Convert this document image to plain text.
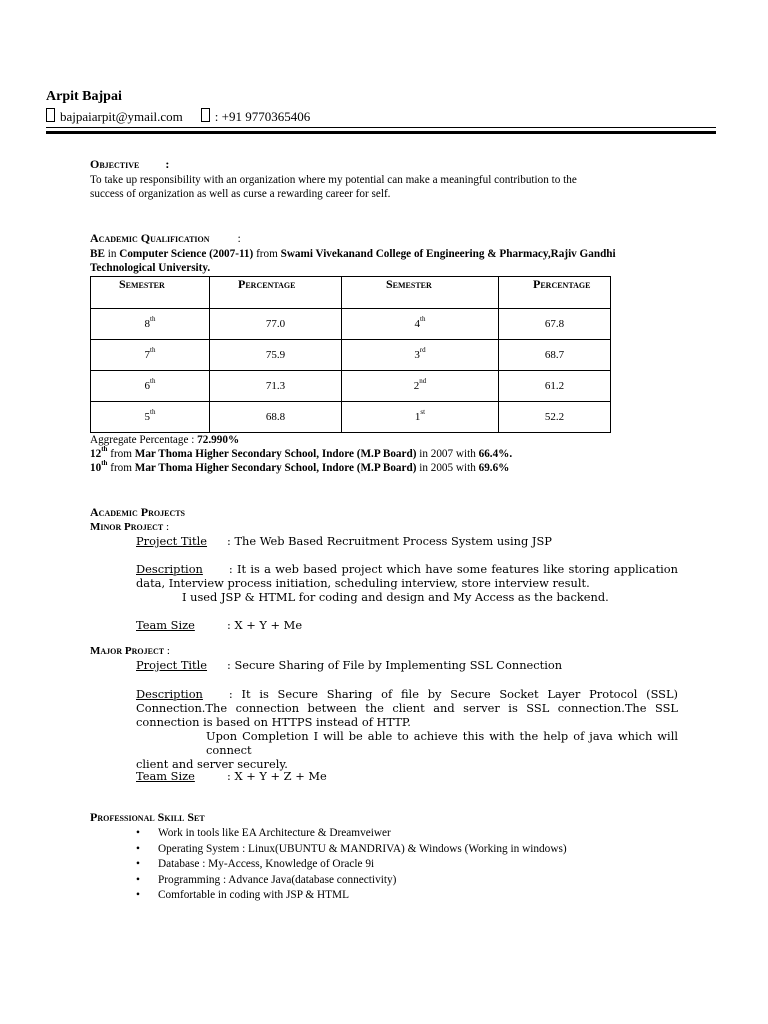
Arpit Bajpai
bajpaiarpit@ymail.com : +91 9770365406
Objective :
To take up responsibility with an organization where my potential can make a meaningful contribution to the
success of organization as well as curse a rewarding career for self.
Academic Qualification :
BE in Computer Science (2007-11) from Swami Vivekanand College of Engineering & Pharmacy,Rajiv Gandhi
Technological University.
Semester	Percentage	Semester	Percentage
8th	77.0	4th	67.8
7th	75.9	3rd	68.7
6th	71.3	2nd	61.2
5th	68.8	1st	52.2
Aggregate Percentage : 72.990%
12th from Mar Thoma Higher Secondary School, Indore (M.P Board) in 2007 with 66.4%.
10th from Mar Thoma Higher Secondary School, Indore (M.P Board) in 2005 with 69.6%
Academic Projects
Minor Project :
Project Title : The Web Based Recruitment Process System using JSP
Description : It is a web based project which have some features like storing application
data, Interview process initiation, scheduling interview, store interview result.
I used JSP & HTML for coding and design and My Access as the backend.
Team Size	: X + Y + Me
Major Project :
Project Title : Secure Sharing of File by Implementing SSL Connection
Description : It is Secure Sharing of file by Secure Socket Layer Protocol (SSL)
Connection.The connection between the client and server is SSL connection.The SSL
connection is based on HTTPS instead of HTTP.
Upon Completion I will be able to achieve this with the help of java which will connect
client and server securely.
Team Size	: X + Y + Z + Me
Professional Skill Set
• Work in tools like EA Architecture & Dreamveiwer
• Operating System : Linux(UBUNTU & MANDRIVA) & Windows (Working in windows)
• Database : My-Access, Knowledge of Oracle 9i
• Programming : Advance Java(database connectivity)
• Comfortable in coding with JSP & HTML
